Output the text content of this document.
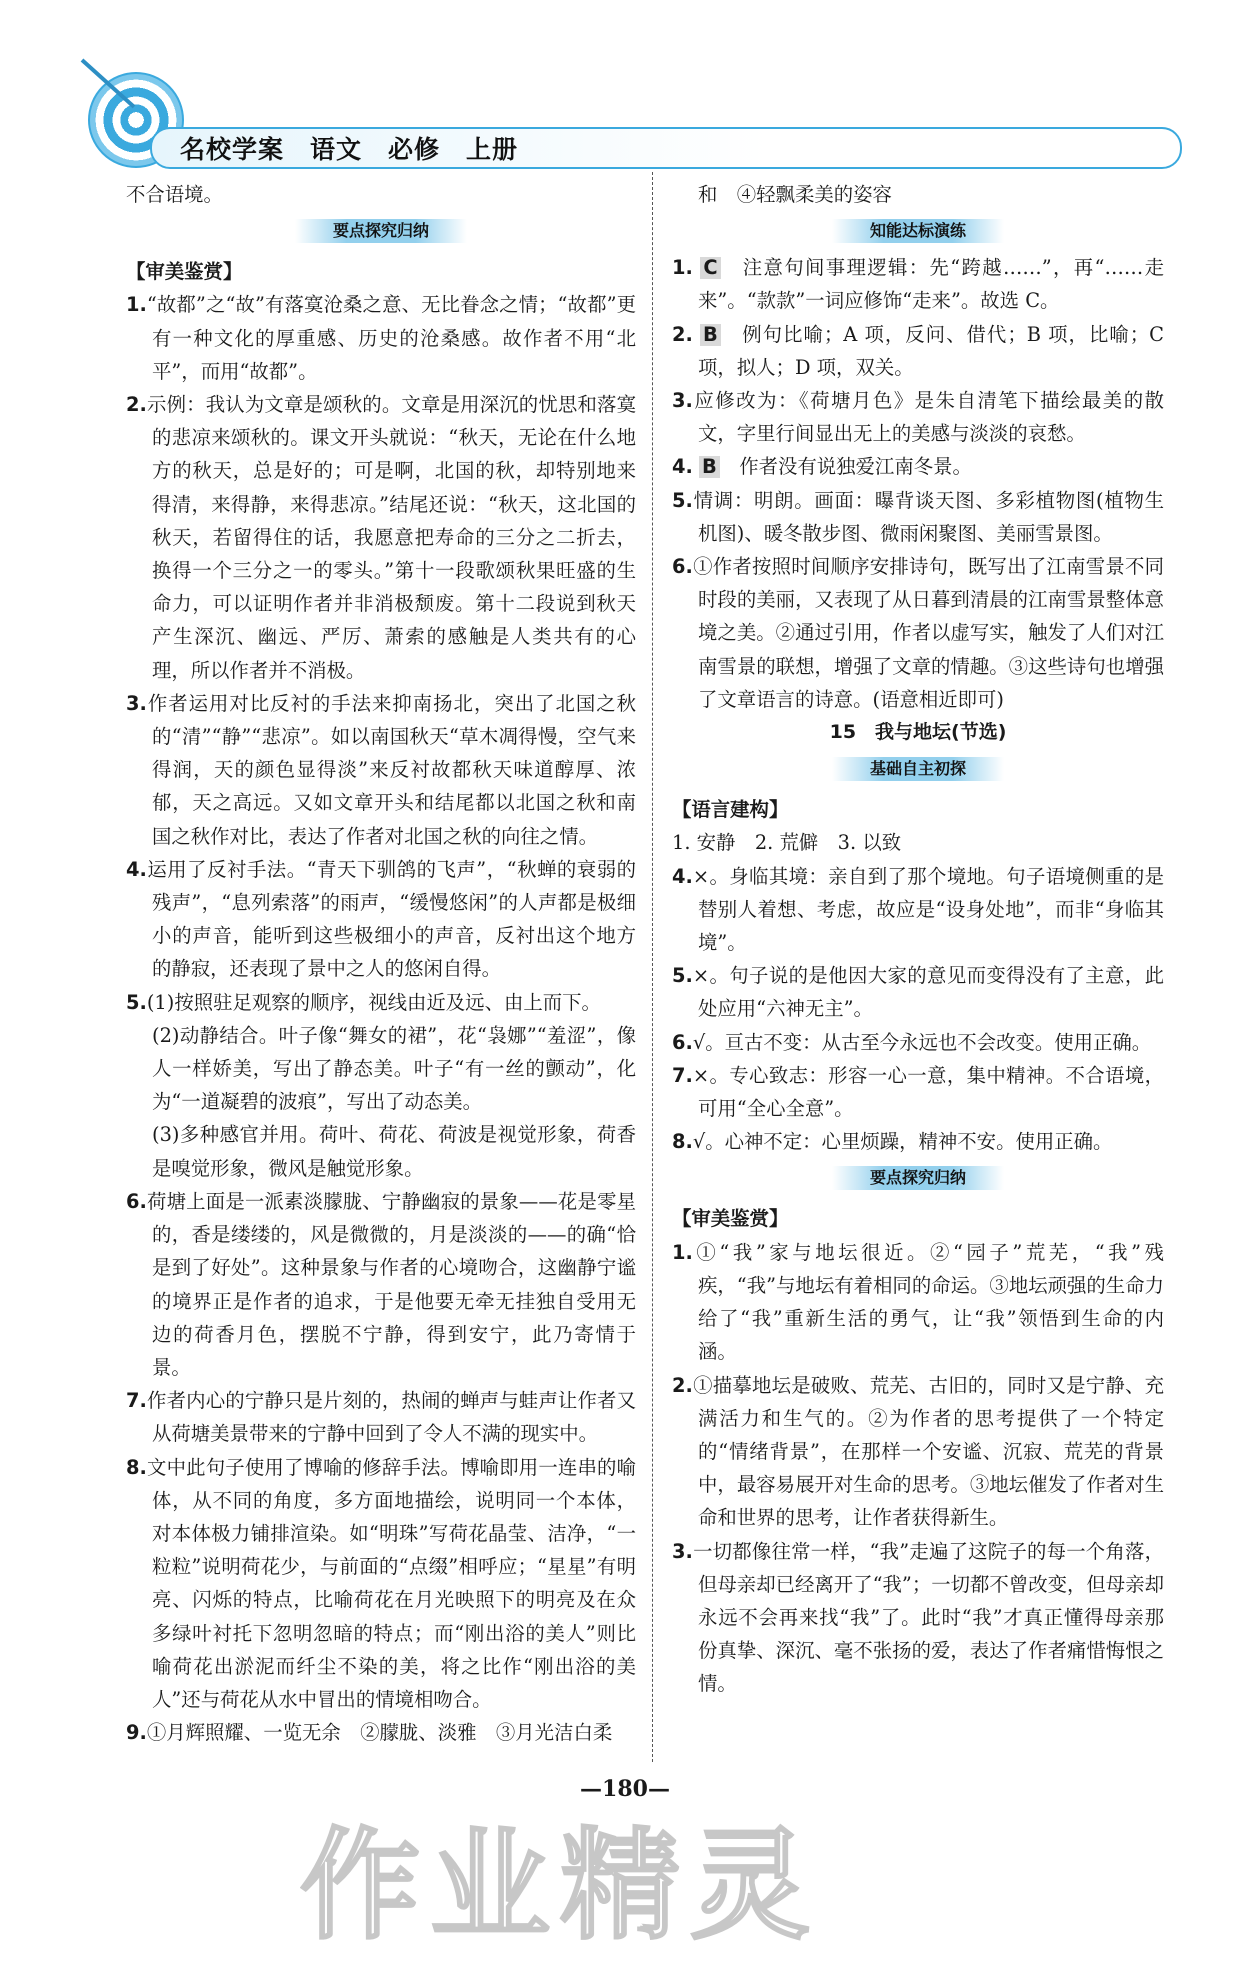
名校学案　语文　必修　上册

不合语境。

要点探究归纳

【审美鉴赏】

1.“故都”之“故”有落寞沧桑之意、无比眷念之情；“故都”更有一种文化的厚重感、历史的沧桑感。故作者不用“北平”，而用“故都”。

2.示例：我认为文章是颂秋的。文章是用深沉的忧思和落寞的悲凉来颂秋的。课文开头就说：“秋天，无论在什么地方的秋天，总是好的；可是啊，北国的秋，却特别地来得清，来得静，来得悲凉。”结尾还说：“秋天，这北国的秋天，若留得住的话，我愿意把寿命的三分之二折去，换得一个三分之一的零头。”第十一段歌颂秋果旺盛的生命力，可以证明作者并非消极颓废。第十二段说到秋天产生深沉、幽远、严厉、萧索的感触是人类共有的心理，所以作者并不消极。

3.作者运用对比反衬的手法来抑南扬北，突出了北国之秋的“清”“静”“悲凉”。如以南国秋天“草木凋得慢，空气来得润，天的颜色显得淡”来反衬故都秋天味道醇厚、浓郁，天之高远。又如文章开头和结尾都以北国之秋和南国之秋作对比，表达了作者对北国之秋的向往之情。

4.运用了反衬手法。“青天下驯鸽的飞声”，“秋蝉的衰弱的残声”，“息列索落”的雨声，“缓慢悠闲”的人声都是极细小的声音，能听到这些极细小的声音，反衬出这个地方的静寂，还表现了景中之人的悠闲自得。

5.(1)按照驻足观察的顺序，视线由近及远、由上而下。

(2)动静结合。叶子像“舞女的裙”，花“袅娜”“羞涩”，像人一样娇美，写出了静态美。叶子“有一丝的颤动”，化为“一道凝碧的波痕”，写出了动态美。

(3)多种感官并用。荷叶、荷花、荷波是视觉形象，荷香是嗅觉形象，微风是触觉形象。

6.荷塘上面是一派素淡朦胧、宁静幽寂的景象——花是零星的，香是缕缕的，风是微微的，月是淡淡的——的确“恰是到了好处”。这种景象与作者的心境吻合，这幽静宁谧的境界正是作者的追求，于是他要无牵无挂独自受用无边的荷香月色，摆脱不宁静，得到安宁，此乃寄情于景。

7.作者内心的宁静只是片刻的，热闹的蝉声与蛙声让作者又从荷塘美景带来的宁静中回到了令人不满的现实中。

8.文中此句子使用了博喻的修辞手法。博喻即用一连串的喻体，从不同的角度，多方面地描绘，说明同一个本体，对本体极力铺排渲染。如“明珠”写荷花晶莹、洁净，“一粒粒”说明荷花少，与前面的“点缀”相呼应；“星星”有明亮、闪烁的特点，比喻荷花在月光映照下的明亮及在众多绿叶衬托下忽明忽暗的特点；而“刚出浴的美人”则比喻荷花出淤泥而纤尘不染的美，将之比作“刚出浴的美人”还与荷花从水中冒出的情境相吻合。

9.①月辉照耀、一览无余　②朦胧、淡雅　③月光洁白柔

和　④轻飘柔美的姿容

知能达标演练

1. C　注意句间事理逻辑：先“跨越……”，再“……走来”。“款款”一词应修饰“走来”。故选 C。

2. B　例句比喻；A 项，反问、借代；B 项，比喻；C 项，拟人；D 项，双关。

3.应修改为：《荷塘月色》是朱自清笔下描绘最美的散文，字里行间显出无上的美感与淡淡的哀愁。

4. B　作者没有说独爱江南冬景。

5.情调：明朗。画面：曝背谈天图、多彩植物图(植物生机图)、暖冬散步图、微雨闲聚图、美丽雪景图。

6.①作者按照时间顺序安排诗句，既写出了江南雪景不同时段的美丽，又表现了从日暮到清晨的江南雪景整体意境之美。②通过引用，作者以虚写实，触发了人们对江南雪景的联想，增强了文章的情趣。③这些诗句也增强了文章语言的诗意。(语意相近即可)

15　我与地坛(节选)

基础自主初探

【语言建构】

1. 安静　2. 荒僻　3. 以致

4.×。身临其境：亲自到了那个境地。句子语境侧重的是替别人着想、考虑，故应是“设身处地”，而非“身临其境”。

5.×。句子说的是他因大家的意见而变得没有了主意，此处应用“六神无主”。

6.√。亘古不变：从古至今永远也不会改变。使用正确。

7.×。专心致志：形容一心一意，集中精神。不合语境，可用“全心全意”。

8.√。心神不定：心里烦躁，精神不安。使用正确。

要点探究归纳

【审美鉴赏】

1.①“我”家与地坛很近。②“园子”荒芜，“我”残疾，“我”与地坛有着相同的命运。③地坛顽强的生命力给了“我”重新生活的勇气，让“我”领悟到生命的内涵。

2.①描摹地坛是破败、荒芜、古旧的，同时又是宁静、充满活力和生气的。②为作者的思考提供了一个特定的“情绪背景”，在那样一个安谧、沉寂、荒芜的背景中，最容易展开对生命的思考。③地坛催发了作者对生命和世界的思考，让作者获得新生。

3.一切都像往常一样，“我”走遍了这院子的每一个角落，但母亲却已经离开了“我”；一切都不曾改变，但母亲却永远不会再来找“我”了。此时“我”才真正懂得母亲那份真挚、深沉、毫不张扬的爱，表达了作者痛惜悔恨之情。

—180—
作业精灵
